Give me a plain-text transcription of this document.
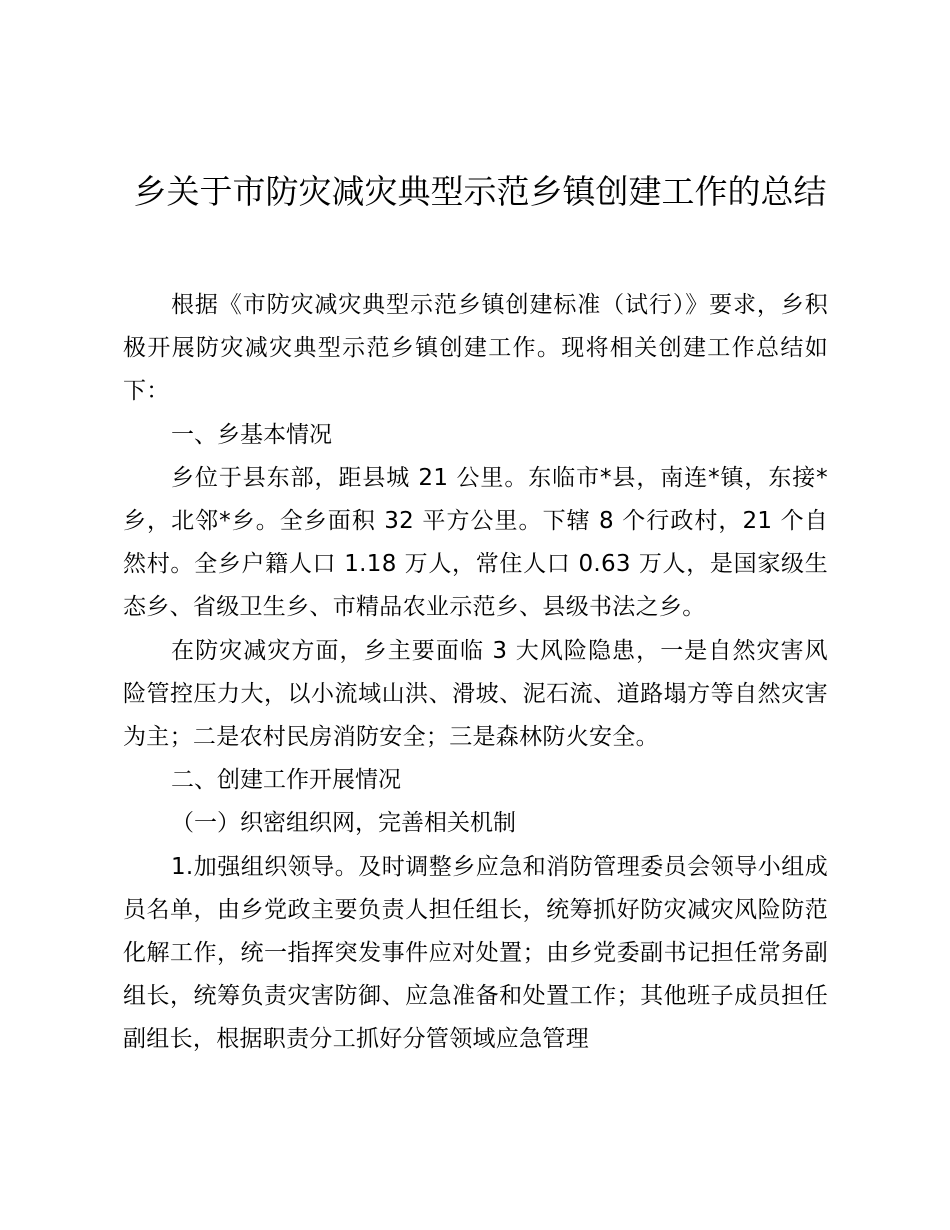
乡关于市防灾减灾典型示范乡镇创建工作的总结

根据《市防灾减灾典型示范乡镇创建标准（试行）》要求，乡积极开展防灾减灾典型示范乡镇创建工作。现将相关创建工作总结如下：

一、乡基本情况

乡位于县东部，距县城 21 公里。东临市*县，南连*镇，东接*乡，北邻*乡。全乡面积 32 平方公里。下辖 8 个行政村，21 个自然村。全乡户籍人口 1.18 万人，常住人口 0.63 万人，是国家级生态乡、省级卫生乡、市精品农业示范乡、县级书法之乡。

在防灾减灾方面，乡主要面临 3 大风险隐患，一是自然灾害风险管控压力大，以小流域山洪、滑坡、泥石流、道路塌方等自然灾害为主；二是农村民房消防安全；三是森林防火安全。

二、创建工作开展情况

（一）织密组织网，完善相关机制

1.加强组织领导。及时调整乡应急和消防管理委员会领导小组成员名单，由乡党政主要负责人担任组长，统筹抓好防灾减灾风险防范化解工作，统一指挥突发事件应对处置；由乡党委副书记担任常务副组长，统筹负责灾害防御、应急准备和处置工作；其他班子成员担任副组长，根据职责分工抓好分管领域应急管理
